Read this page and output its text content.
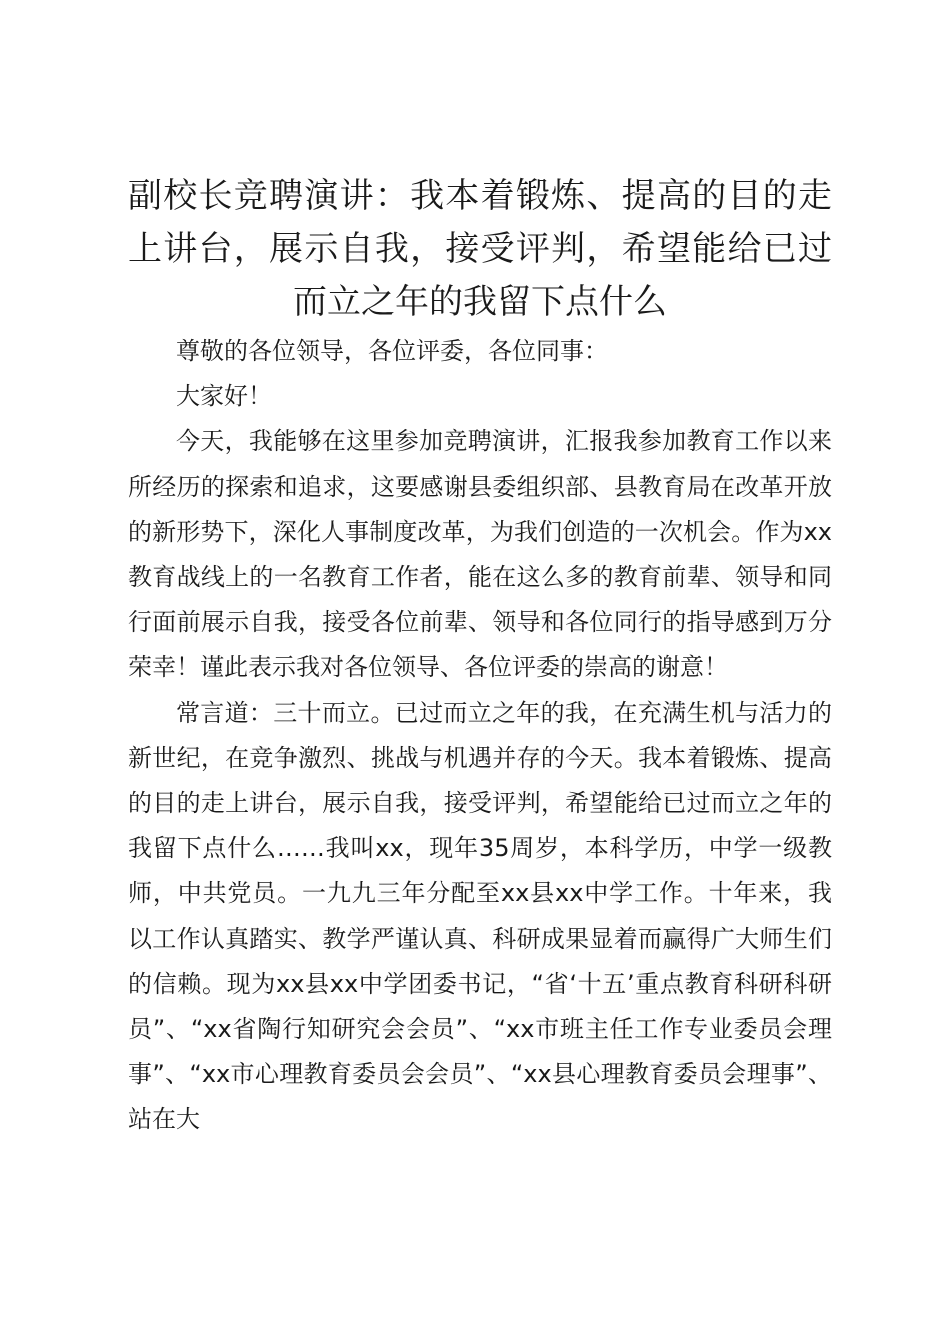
副校长竞聘演讲：我本着锻炼、提高的目的走上讲台，展示自我，接受评判，希望能给已过而立之年的我留下点什么

尊敬的各位领导，各位评委，各位同事：

大家好！

今天，我能够在这里参加竞聘演讲，汇报我参加教育工作以来所经历的探索和追求，这要感谢县委组织部、县教育局在改革开放的新形势下，深化人事制度改革，为我们创造的一次机会。作为xx教育战线上的一名教育工作者，能在这么多的教育前辈、领导和同行面前展示自我，接受各位前辈、领导和各位同行的指导感到万分荣幸！谨此表示我对各位领导、各位评委的崇高的谢意！

常言道：三十而立。已过而立之年的我，在充满生机与活力的新世纪，在竞争激烈、挑战与机遇并存的今天。我本着锻炼、提高的目的走上讲台，展示自我，接受评判，希望能给已过而立之年的我留下点什么……我叫xx，现年35周岁，本科学历，中学一级教师，中共党员。一九九三年分配至xx县xx中学工作。十年来，我以工作认真踏实、教学严谨认真、科研成果显着而赢得广大师生们的信赖。现为xx县xx中学团委书记，“省‘十五’重点教育科研科研员”、“xx省陶行知研究会会员”、“xx市班主任工作专业委员会理事”、“xx市心理教育委员会会员”、“xx县心理教育委员会理事”、站在大
